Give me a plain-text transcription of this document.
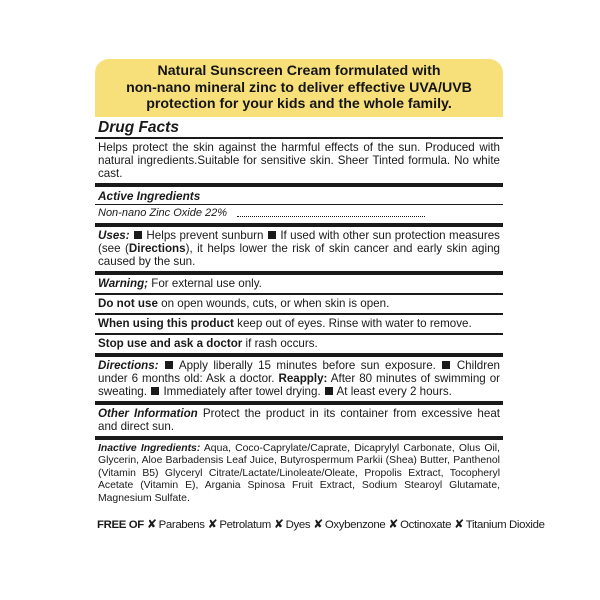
Natural Sunscreen Cream formulated with
non-nano mineral zinc to deliver effective UVA/UVB
protection for your kids and the whole family.
Drug Facts
Helps protect the skin against the harmful effects of the sun. Produced with natural ingredients.Suitable for sensitive skin. Sheer Tinted formula. No white cast.
Active Ingredients
Non-nano Zinc Oxide 22%
Uses: Helps prevent sunburn If used with other sun protection measures (see (Directions), it helps lower the risk of skin cancer and early skin aging caused by the sun.
Warning; For external use only.
Do not use on open wounds, cuts, or when skin is open.
When using this product keep out of eyes. Rinse with water to remove.
Stop use and ask a doctor if rash occurs.
Directions: Apply liberally 15 minutes before sun exposure. Children under 6 months old: Ask a doctor. Reapply: After 80 minutes of swimming or sweating. Immediately after towel drying. At least every 2 hours.
Other Information Protect the product in its container from excessive heat and direct sun.
Inactive Ingredients: Aqua, Coco-Caprylate/Caprate, Dicaprylyl Carbonate, Olus Oil, Glycerin, Aloe Barbadensis Leaf Juice, Butyrospermum Parkii (Shea) Butter, Panthenol (Vitamin B5) Glyceryl Citrate/Lactate/Linoleate/Oleate, Propolis Extract, Tocopheryl Acetate (Vitamin E), Argania Spinosa Fruit Extract, Sodium Stearoyl Glutamate, Magnesium Sulfate.
FREE OF ✘ Parabens ✘ Petrolatum ✘ Dyes ✘ Oxybenzone ✘ Octinoxate ✘ Titanium Dioxide
